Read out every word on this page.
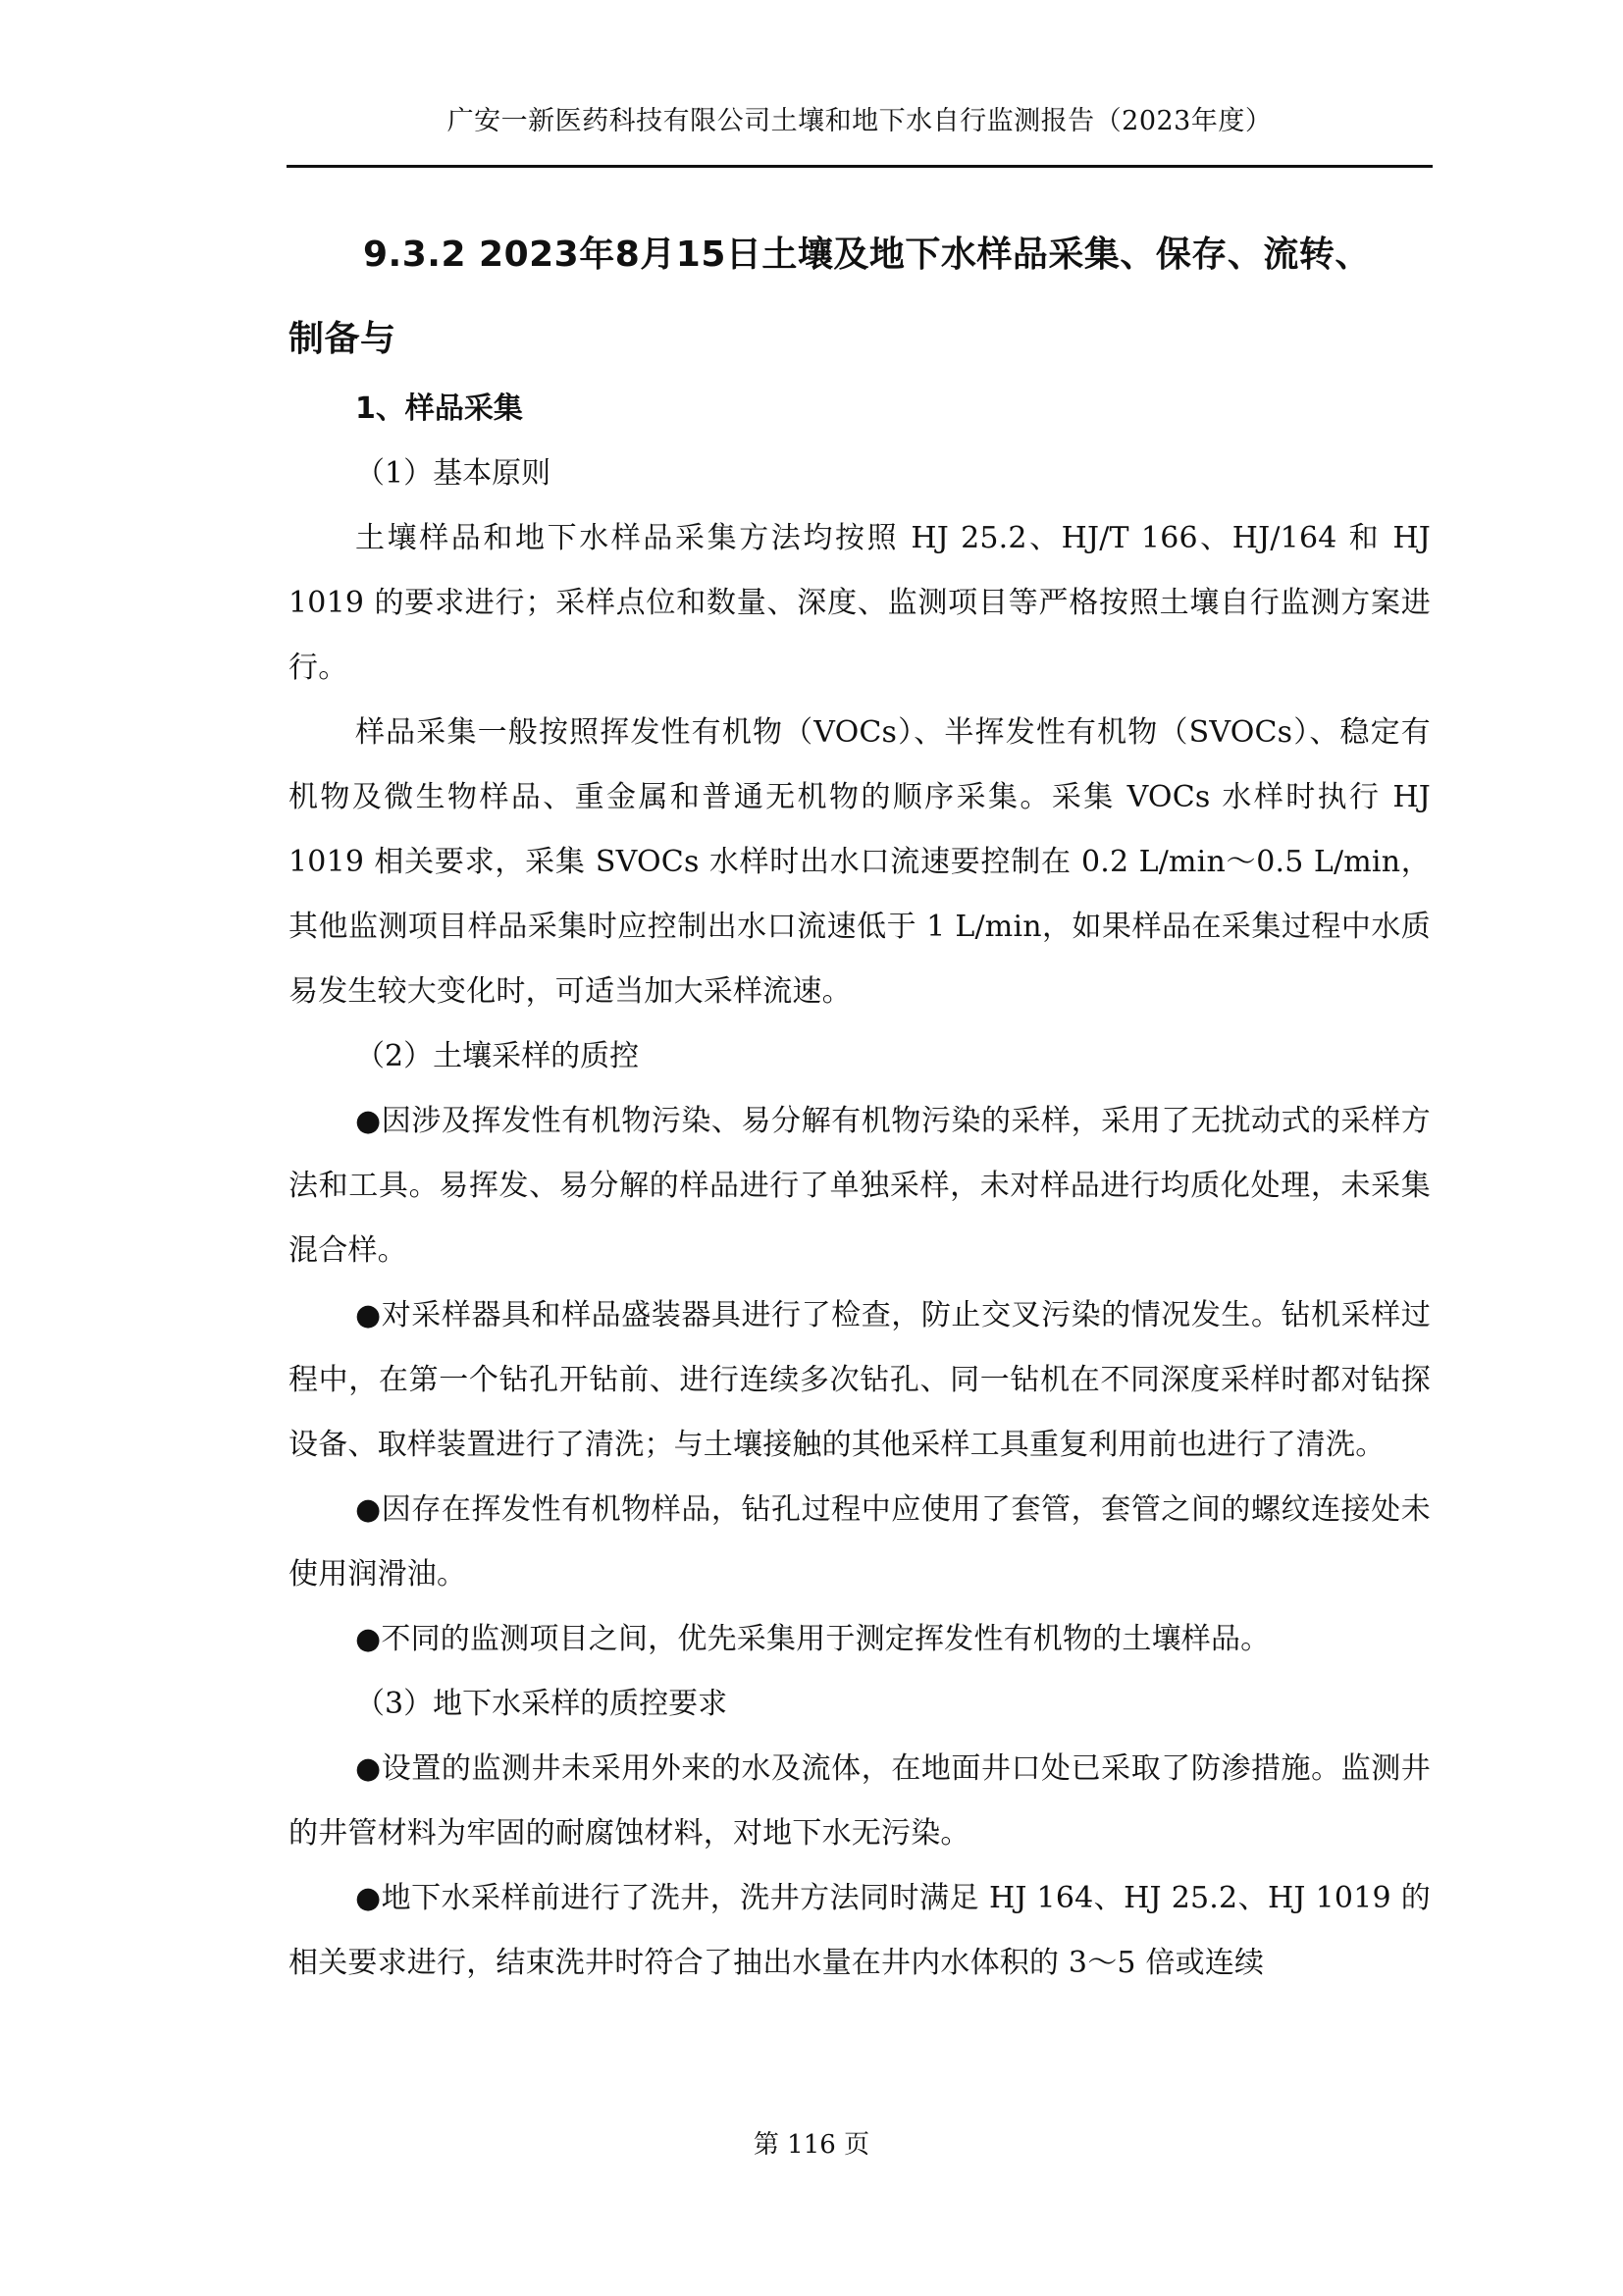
广安一新医药科技有限公司土壤和地下水自行监测报告（2023年度）
9.3.2 2023年8月15日土壤及地下水样品采集、保存、流转、
制备与
1、样品采集

（1）基本原则

土壤样品和地下水样品采集方法均按照 HJ 25.2、HJ/T 166、HJ/164 和 HJ 1019 的要求进行；采样点位和数量、深度、监测项目等严格按照土壤自行监测方案进行。

样品采集一般按照挥发性有机物（VOCs）、半挥发性有机物（SVOCs）、稳定有机物及微生物样品、重金属和普通无机物的顺序采集。采集 VOCs 水样时执行 HJ 1019 相关要求，采集 SVOCs 水样时出水口流速要控制在 0.2 L/min～0.5 L/min，其他监测项目样品采集时应控制出水口流速低于 1 L/min，如果样品在采集过程中水质易发生较大变化时，可适当加大采样流速。

（2）土壤采样的质控

●因涉及挥发性有机物污染、易分解有机物污染的采样，采用了无扰动式的采样方法和工具。易挥发、易分解的样品进行了单独采样，未对样品进行均质化处理，未采集混合样。

●对采样器具和样品盛装器具进行了检查，防止交叉污染的情况发生。钻机采样过程中，在第一个钻孔开钻前、进行连续多次钻孔、同一钻机在不同深度采样时都对钻探设备、取样装置进行了清洗；与土壤接触的其他采样工具重复利用前也进行了清洗。

●因存在挥发性有机物样品，钻孔过程中应使用了套管，套管之间的螺纹连接处未使用润滑油。

●不同的监测项目之间，优先采集用于测定挥发性有机物的土壤样品。

（3）地下水采样的质控要求

●设置的监测井未采用外来的水及流体，在地面井口处已采取了防渗措施。监测井的井管材料为牢固的耐腐蚀材料，对地下水无污染。

●地下水采样前进行了洗井，洗井方法同时满足 HJ 164、HJ 25.2、HJ 1019 的相关要求进行，结束洗井时符合了抽出水量在井内水体积的 3～5 倍或连续

第 116 页
